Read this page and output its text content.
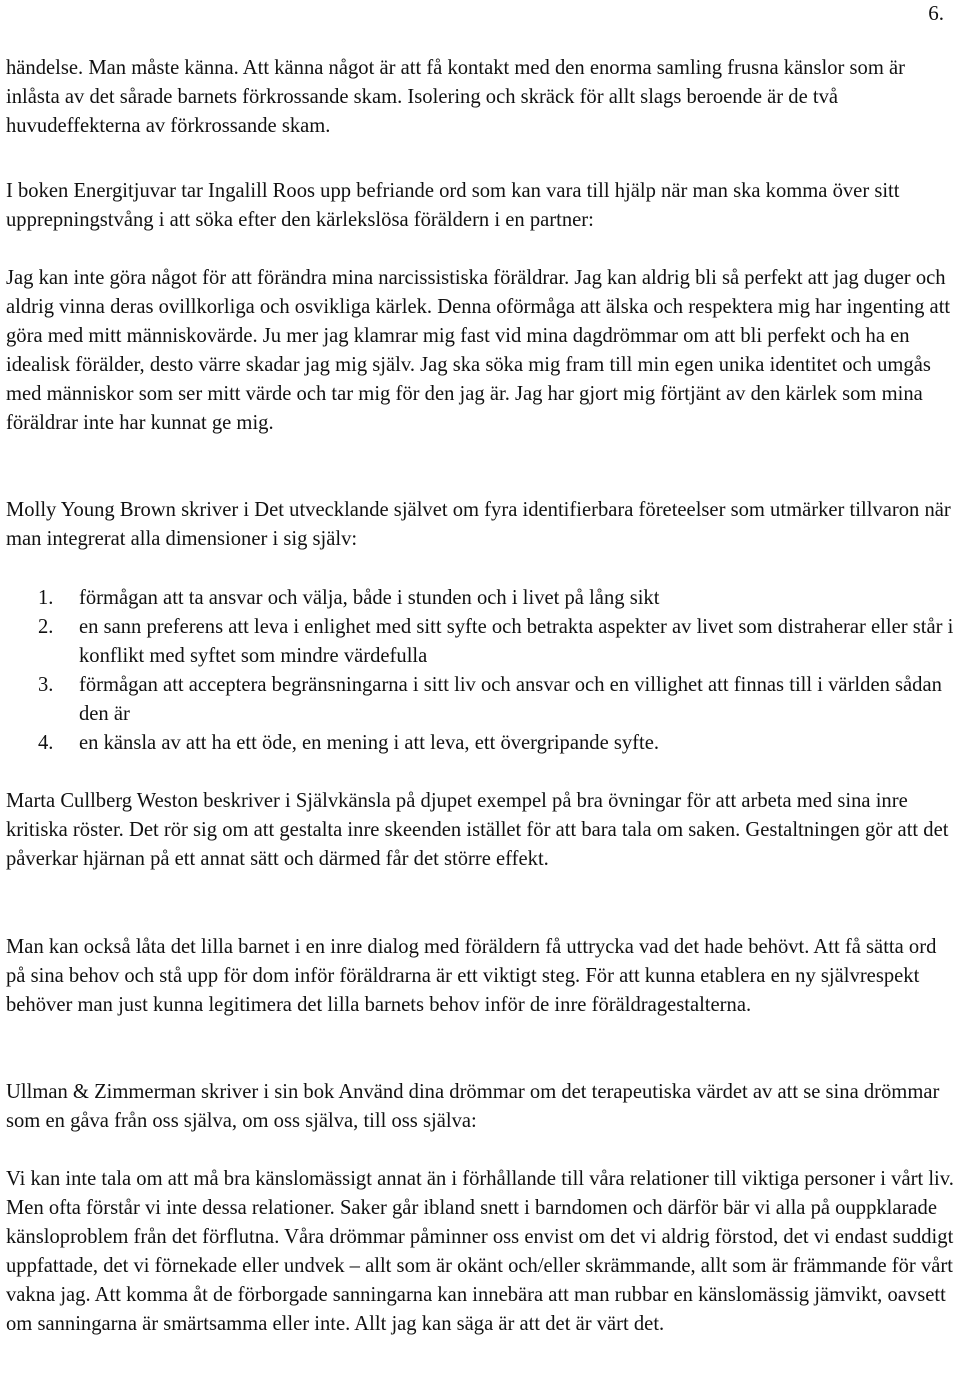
6.

händelse. Man måste känna. Att känna något är att få kontakt med den enorma samling frusna känslor som är inlåsta av det sårade barnets förkrossande skam. Isolering och skräck för allt slags beroende är de två huvudeffekterna av förkrossande skam.

I boken Energitjuvar tar Ingalill Roos upp befriande ord som kan vara till hjälp när man ska komma över sitt upprepningstvång i att söka efter den kärlekslösa föräldern i en partner:

Jag kan inte göra något för att förändra mina narcissistiska föräldrar. Jag kan aldrig bli så perfekt att jag duger och aldrig vinna deras ovillkorliga och osvikliga kärlek. Denna oförmåga att älska och respektera mig har ingenting att göra med mitt människovärde. Ju mer jag klamrar mig fast vid mina dagdrömmar om att bli perfekt och ha en idealisk förälder, desto värre skadar jag mig själv. Jag ska söka mig fram till min egen unika identitet och umgås med människor som ser mitt värde och tar mig för den jag är. Jag har gjort mig förtjänt av den kärlek som mina föräldrar inte har kunnat ge mig.

Molly Young Brown skriver i Det utvecklande självet om fyra identifierbara företeelser som utmärker tillvaron när man integrerat alla dimensioner i sig själv:

1. förmågan att ta ansvar och välja, både i stunden och i livet på lång sikt
2. en sann preferens att leva i enlighet med sitt syfte och betrakta aspekter av livet som distraherar eller står i konflikt med syftet som mindre värdefulla
3. förmågan att acceptera begränsningarna i sitt liv och ansvar och en villighet att finnas till i världen sådan den är
4. en känsla av att ha ett öde, en mening i att leva, ett övergripande syfte.

Marta Cullberg Weston beskriver i Självkänsla på djupet exempel på bra övningar för att arbeta med sina inre kritiska röster. Det rör sig om att gestalta inre skeenden istället för att bara tala om saken. Gestaltningen gör att det påverkar hjärnan på ett annat sätt och därmed får det större effekt.

Man kan också låta det lilla barnet i en inre dialog med föräldern få uttrycka vad det hade behövt. Att få sätta ord på sina behov och stå upp för dom inför föräldrarna är ett viktigt steg. För att kunna etablera en ny självrespekt behöver man just kunna legitimera det lilla barnets behov inför de inre föräldragestalterna.

Ullman & Zimmerman skriver i sin bok Använd dina drömmar om det terapeutiska värdet av att se sina drömmar som en gåva från oss själva, om oss själva, till oss själva:

Vi kan inte tala om att må bra känslomässigt annat än i förhållande till våra relationer till viktiga personer i vårt liv. Men ofta förstår vi inte dessa relationer. Saker går ibland snett i barndomen och därför bär vi alla på ouppklarade känsloproblem från det förflutna. Våra drömmar påminner oss envist om det vi aldrig förstod, det vi endast suddigt uppfattade, det vi förnekade eller undvek – allt som är okänt och/eller skrämmande, allt som är främmande för vårt vakna jag. Att komma åt de förborgade sanningarna kan innebära att man rubbar en känslomässig jämvikt, oavsett om sanningarna är smärtsamma eller inte. Allt jag kan säga är att det är värt det.
